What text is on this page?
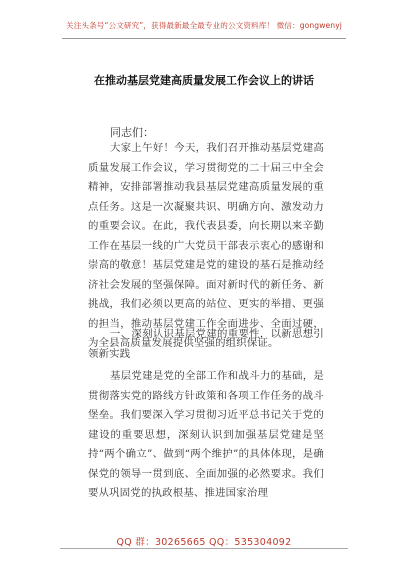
关注头条号“公文研究”，获得最新最全最专业的公文资料库！ 微信：gongwenyj
在推动基层党建高质量发展工作会议上的讲话
同志们：
大家上午好！今天，我们召开推动基层党建高质量发展工作会议，学习贯彻党的二十届三中全会精神，安排部署推动我县基层党建高质量发展的重点任务。这是一次凝聚共识、明确方向、激发动力的重要会议。在此，我代表县委，向长期以来辛勤工作在基层一线的广大党员干部表示衷心的感谢和崇高的敬意！基层党建是党的建设的基石是推动经济社会发展的坚强保障。面对新时代的新任务、新挑战，我们必须以更高的站位、更实的举措、更强的担当，推动基层党建工作全面进步、全面过硬，为全县高质量发展提供坚强的组织保证。
一、深刻认识基层党建的重要性，以新思想引领新实践
基层党建是党的全部工作和战斗力的基础，是贯彻落实党的路线方针政策和各项工作任务的战斗堡垒。我们要深入学习贯彻习近平总书记关于党的建设的重要思想，深刻认识到加强基层党建是坚持“两个确立”、做到“两个维护”的具体体现，是确保党的领导一贯到底、全面加强的必然要求。我们要从巩固党的执政根基、推进国家治理
QQ 群：30265665 QQ：535304092
